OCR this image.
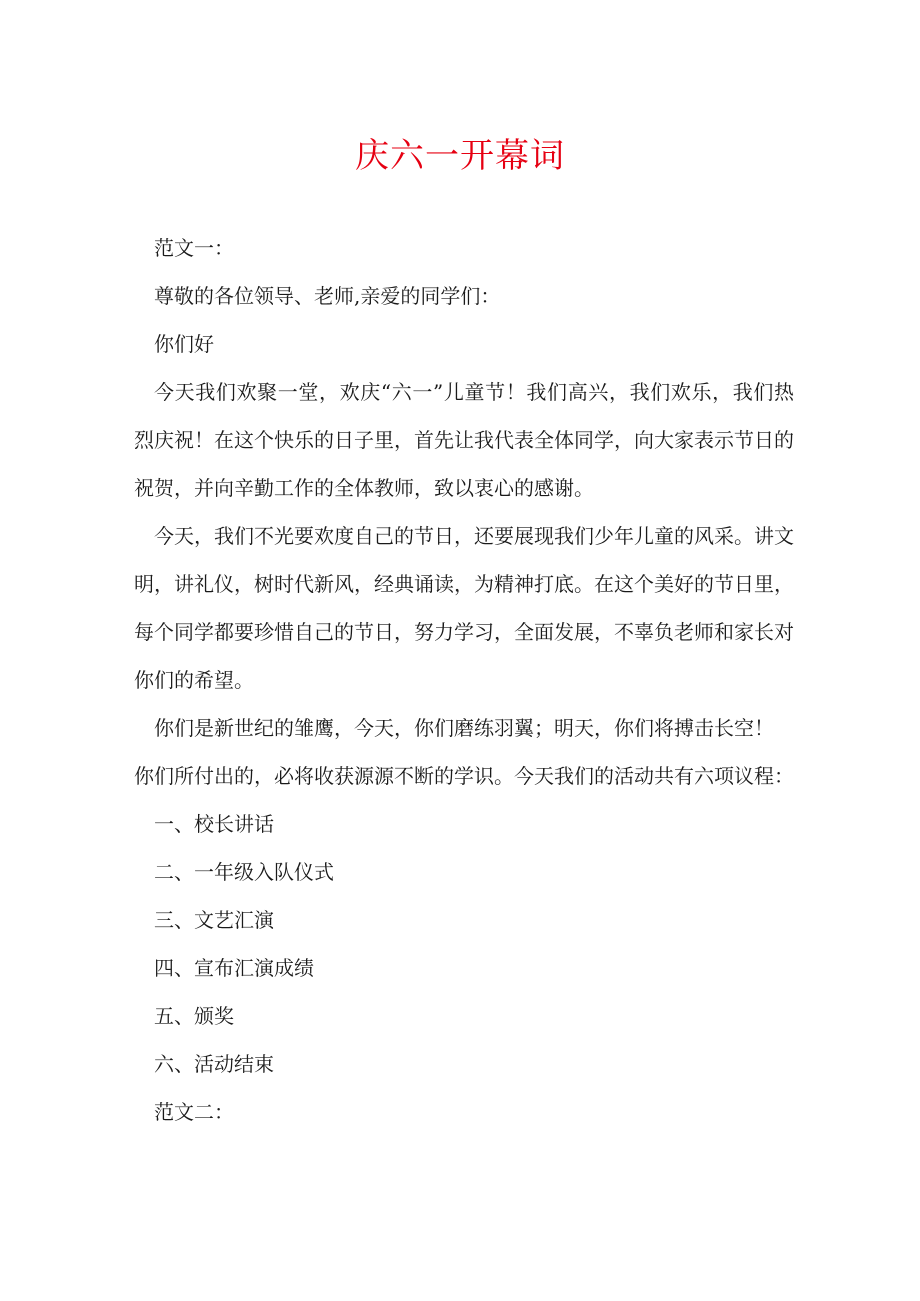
庆六一开幕词

范文一：

尊敬的各位领导、老师,亲爱的同学们：

你们好

今天我们欢聚一堂，欢庆“六一”儿童节！我们高兴，我们欢乐，我们热烈庆祝！在这个快乐的日子里，首先让我代表全体同学，向大家表示节日的祝贺，并向辛勤工作的全体教师，致以衷心的感谢。

今天，我们不光要欢度自己的节日，还要展现我们少年儿童的风采。讲文明，讲礼仪，树时代新风，经典诵读，为精神打底。在这个美好的节日里，每个同学都要珍惜自己的节日，努力学习，全面发展，不辜负老师和家长对你们的希望。

你们是新世纪的雏鹰，今天，你们磨练羽翼；明天，你们将搏击长空！

你们所付出的，必将收获源源不断的学识。今天我们的活动共有六项议程：

一、校长讲话

二、一年级入队仪式

三、文艺汇演

四、宣布汇演成绩

五、颁奖

六、活动结束

范文二：
